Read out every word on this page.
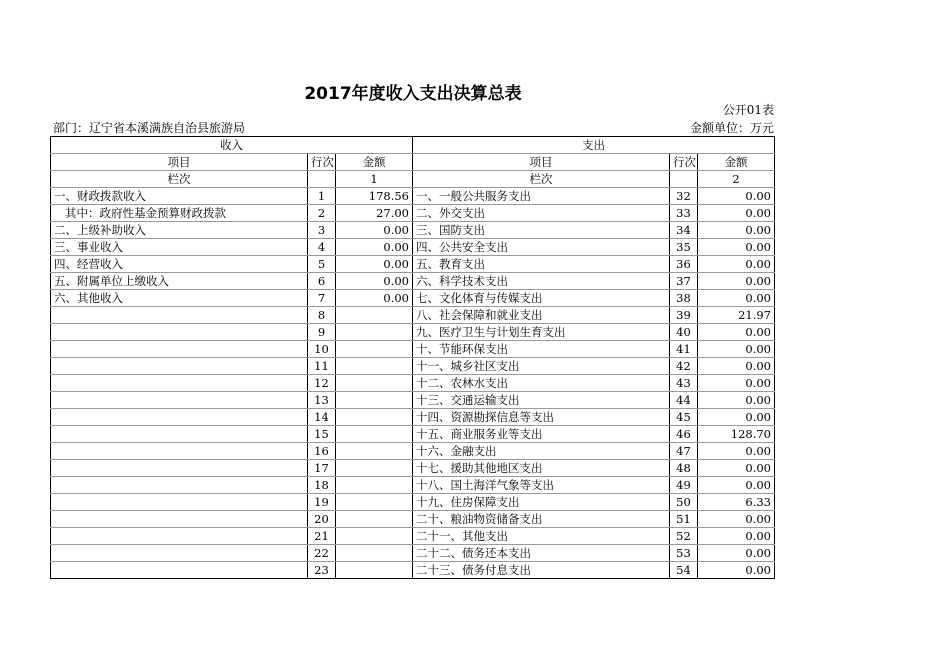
2017年度收入支出决算总表
公开01表
部门：辽宁省本溪满族自治县旅游局	金额单位：万元
收入			支出		
项目	行次	金额	项目	行次	金额
栏次		1	栏次		2
一、财政拨款收入	1	178.56	一、一般公共服务支出	32	0.00
其中：政府性基金预算财政拨款	2	27.00	二、外交支出	33	0.00
二、上级补助收入	3	0.00	三、国防支出	34	0.00
三、事业收入	4	0.00	四、公共安全支出	35	0.00
四、经营收入	5	0.00	五、教育支出	36	0.00
五、附属单位上缴收入	6	0.00	六、科学技术支出	37	0.00
六、其他收入	7	0.00	七、文化体育与传媒支出	38	0.00
	8		八、社会保障和就业支出	39	21.97
	9		九、医疗卫生与计划生育支出	40	0.00
	10		十、节能环保支出	41	0.00
	11		十一、城乡社区支出	42	0.00
	12		十二、农林水支出	43	0.00
	13		十三、交通运输支出	44	0.00
	14		十四、资源勘探信息等支出	45	0.00
	15		十五、商业服务业等支出	46	128.70
	16		十六、金融支出	47	0.00
	17		十七、援助其他地区支出	48	0.00
	18		十八、国土海洋气象等支出	49	0.00
	19		十九、住房保障支出	50	6.33
	20		二十、粮油物资储备支出	51	0.00
	21		二十一、其他支出	52	0.00
	22		二十二、债务还本支出	53	0.00
	23		二十三、债务付息支出	54	0.00
